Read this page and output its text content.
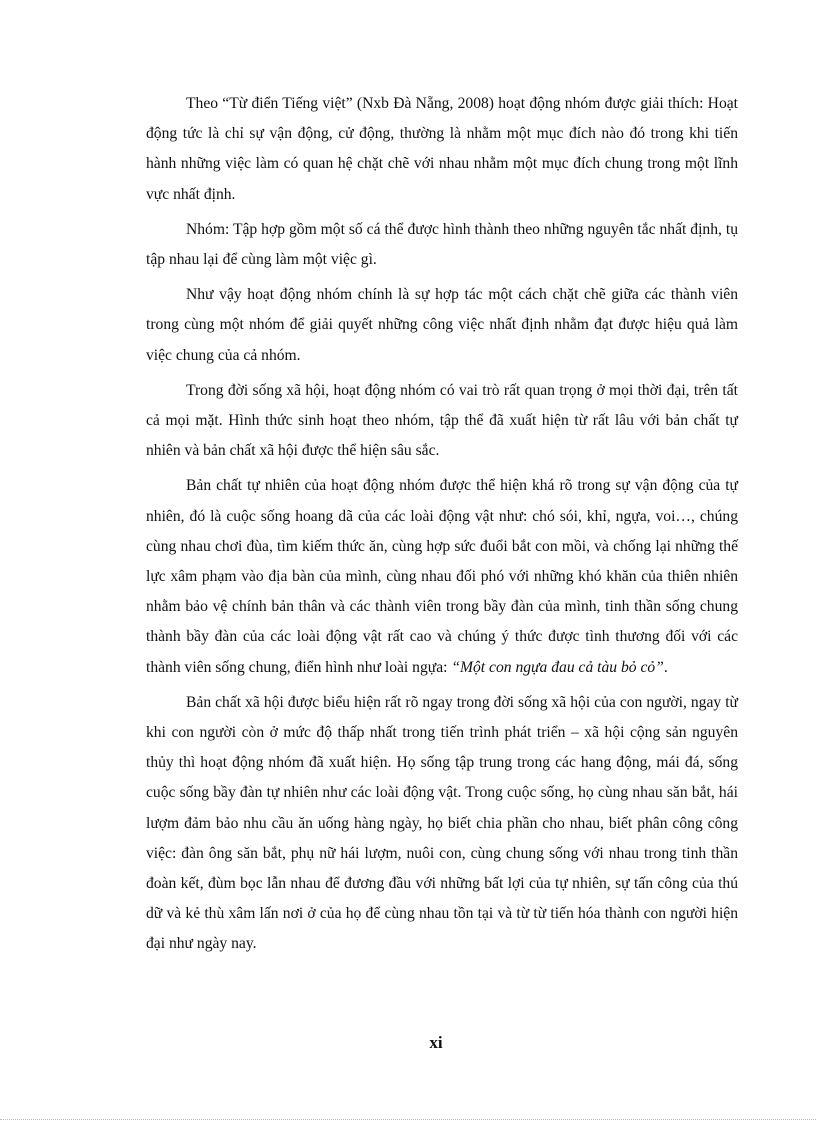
Theo “Từ điển Tiếng việt” (Nxb Đà Nẵng, 2008) hoạt động nhóm được giải thích: Hoạt động tức là chỉ sự vận động, cử động, thường là nhằm một mục đích nào đó trong khi tiến hành những việc làm có quan hệ chặt chẽ với nhau nhằm một mục đích chung trong một lĩnh vực nhất định.

Nhóm: Tập hợp gồm một số cá thể được hình thành theo những nguyên tắc nhất định, tụ tập nhau lại để cùng làm một việc gì.

Như vậy hoạt động nhóm chính là sự hợp tác một cách chặt chẽ giữa các thành viên trong cùng một nhóm để giải quyết những công việc nhất định nhằm đạt được hiệu quả làm việc chung của cả nhóm.

Trong đời sống xã hội, hoạt động nhóm có vai trò rất quan trọng ở mọi thời đại, trên tất cả mọi mặt. Hình thức sinh hoạt theo nhóm, tập thể đã xuất hiện từ rất lâu với bản chất tự nhiên và bản chất xã hội được thể hiện sâu sắc.

Bản chất tự nhiên của hoạt động nhóm được thể hiện khá rõ trong sự vận động của tự nhiên, đó là cuộc sống hoang dã của các loài động vật như: chó sói, khỉ, ngựa, voi…, chúng cùng nhau chơi đùa, tìm kiếm thức ăn, cùng hợp sức đuổi bắt con mồi, và chống lại những thế lực xâm phạm vào địa bàn của mình, cùng nhau đối phó với những khó khăn của thiên nhiên nhằm bảo vệ chính bản thân và các thành viên trong bầy đàn của mình, tinh thần sống chung thành bầy đàn của các loài động vật rất cao và chúng ý thức được tình thương đối với các thành viên sống chung, điển hình như loài ngựa: “Một con ngựa đau cả tàu bỏ cỏ”.

Bản chất xã hội được biểu hiện rất rõ ngay trong đời sống xã hội của con người, ngay từ khi con người còn ở mức độ thấp nhất trong tiến trình phát triển – xã hội cộng sản nguyên thủy thì hoạt động nhóm đã xuất hiện. Họ sống tập trung trong các hang động, mái đá, sống cuộc sống bầy đàn tự nhiên như các loài động vật. Trong cuộc sống, họ cùng nhau săn bắt, hái lượm đảm bảo nhu cầu ăn uống hàng ngày, họ biết chia phần cho nhau, biết phân công công việc: đàn ông săn bắt, phụ nữ hái lượm, nuôi con, cùng chung sống với nhau trong tinh thần đoàn kết, đùm bọc lẫn nhau để đương đầu với những bất lợi của tự nhiên, sự tấn công của thú dữ và kẻ thù xâm lấn nơi ở của họ để cùng nhau tồn tại và từ từ tiến hóa thành con người hiện đại như ngày nay.

xi
